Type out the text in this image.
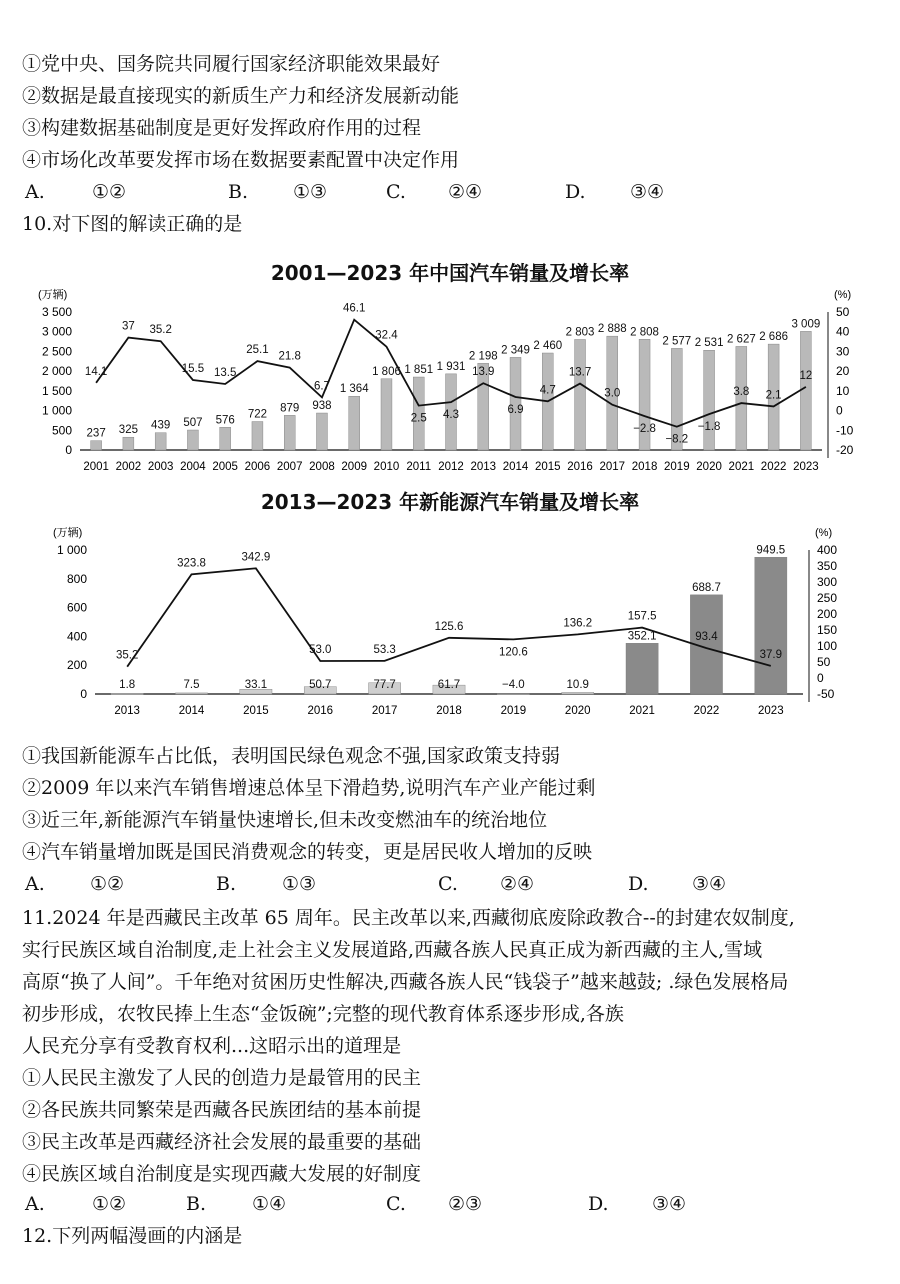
①党中央、国务院共同履行国家经济职能效果最好
②数据是最直接现实的新质生产力和经济发展新动能
③构建数据基础制度是更好发挥政府作用的过程
④市场化改革要发挥市场在数据要素配置中决定作用
A. ①②	B. ①③	C. ②④	D. ③④
10.对下图的解读正确的是
2001—2023 年中国汽车销量及增长率
(万辆)	(%)
0
500
1 000
1 500
2 000
2 500
3 000
3 500
-20
-10
0
10
20
30
40
50
237 325 439 507 576 722
879 938
1 364
1 806 1 851 1 931
2 198 2 349 2 460
2 803 2 888 2 808
2 577 2 531 2 627 2 686
3 009
14.1
37 35.2
15.5 13.5
25.1
21.8
6.7
46.1
32.4
2.5 4.3
13.9
6.9
4.7
13.7
3.0
−2.8
−8.2
−1.8
3.8 2.1
12
2001 2002 2003 2004 2005 2006 2007 2008 2009 2010 2011 2012 2013 2014 2015 2016 2017 2018 2019 2020 2021 2022 2023
2013—2023 年新能源汽车销量及增长率
(万辆)	(%)
0
200
400
600
800
1 000
-50
0
50
100
150
200
250
300
350
400
1.8	7.5	33.1	50.7	77.7	61.7	−4.0	10.9
352.1
688.7
949.5
35.2
323.8
342.9
53.0	53.3
125.6
120.6
136.2
157.5
93.4
37.9
2013	2014	2015	2016	2017	2018	2019	2020	2021	2022	2023
①我国新能源车占比低，表明国民绿色观念不强,国家政策支持弱
②2009 年以来汽车销售增速总体呈下滑趋势,说明汽车产业产能过剩
③近三年,新能源汽车销量快速增长,但未改变燃油车的统治地位
④汽车销量增加既是国民消费观念的转变，更是居民收人增加的反映
A. ①②	B. ①③	C. ②④	D. ③④
11.2024 年是西藏民主改革 65 周年。民主改革以来,西藏彻底废除政教合--的封建农奴制度,
实行民族区域自治制度,走上社会主义发展道路,西藏各族人民真正成为新西藏的主人,雪域
高原“换了人间”。千年绝对贫困历史性解决,西藏各族人民“钱袋子”越来越鼓; .绿色发展格局
初步形成，农牧民捧上生态“金饭碗”;完整的现代教育体系逐步形成,各族
人民充分享有受教育权利...这昭示出的道理是
①人民民主激发了人民的创造力是最管用的民主
②各民族共同繁荣是西藏各民族团结的基本前提
③民主改革是西藏经济社会发展的最重要的基础
④民族区域自治制度是实现西藏大发展的好制度
A. ①②	B. ①④	C. ②③	D. ③④
12.下列两幅漫画的内涵是
